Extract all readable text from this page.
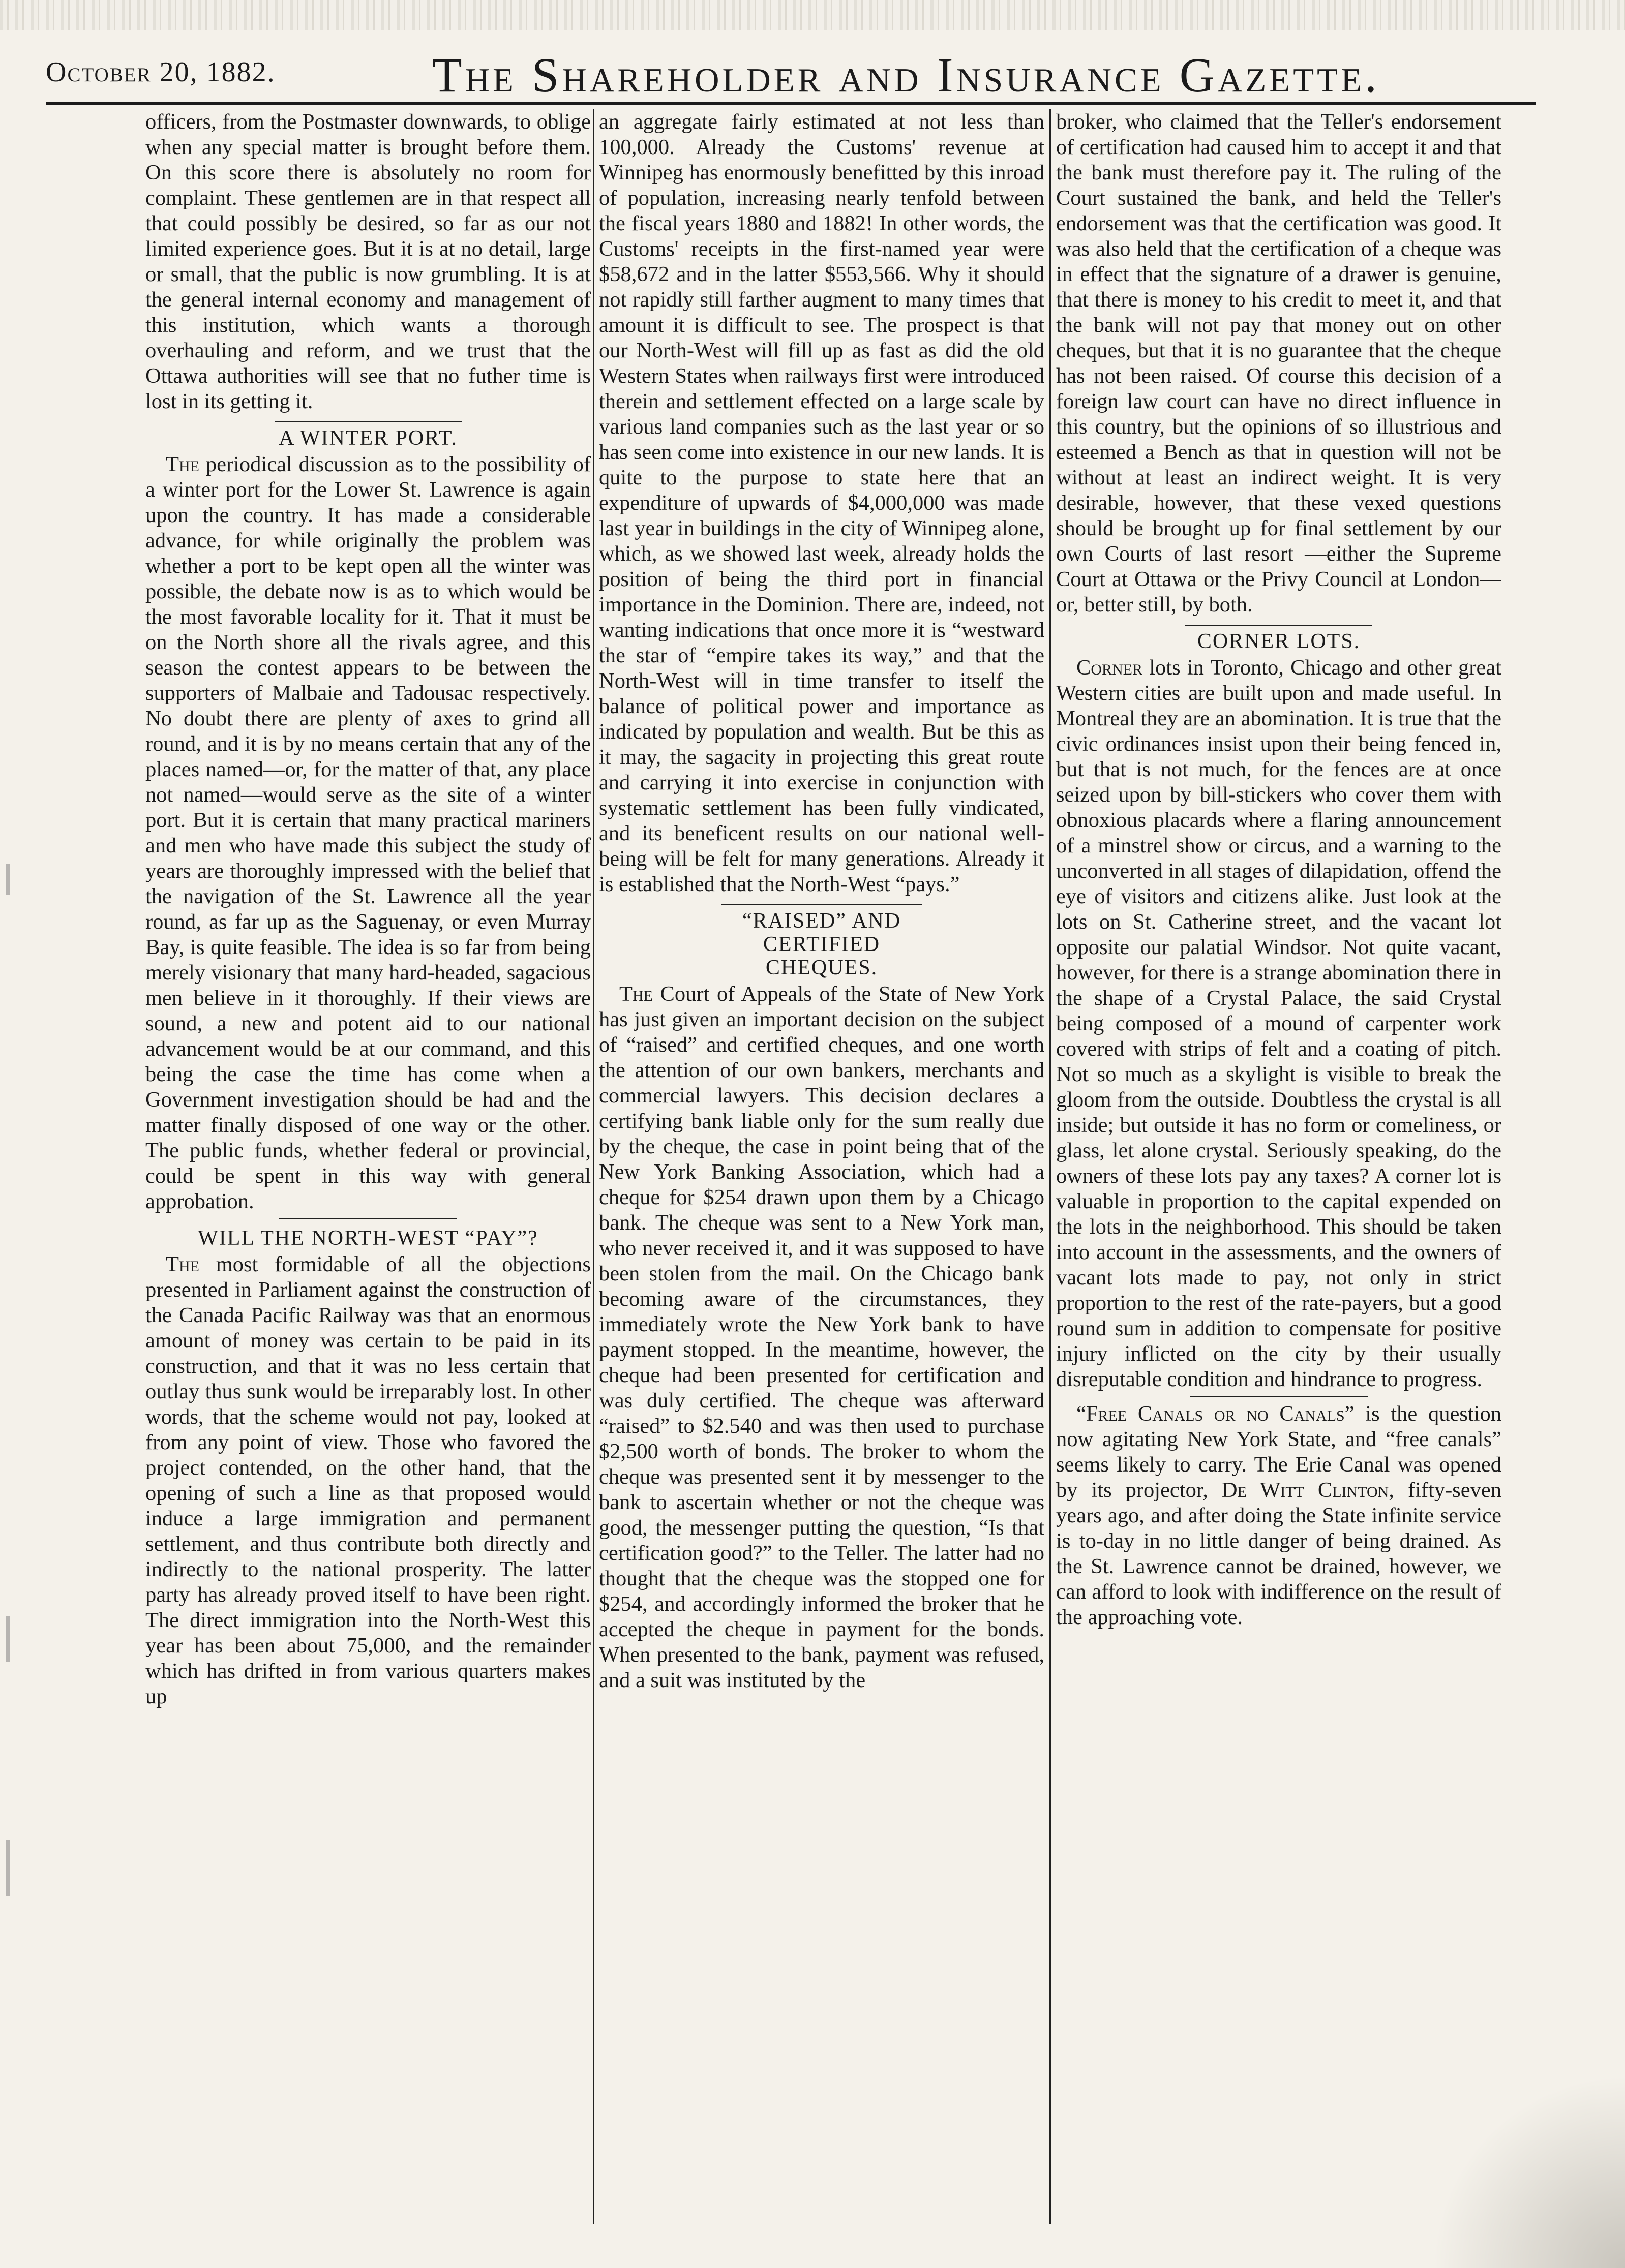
October 20, 1882.	The Shareholder and Insurance Gazette.

officers, from the Postmaster downwards, to oblige when any special matter is brought before them. On this score there is absolutely no room for complaint. These gentlemen are in that respect all that could possibly be desired, so far as our not limited experience goes. But it is at no detail, large or small, that the public is now grumbling. It is at the general internal economy and management of this institution, which wants a thorough overhauling and reform, and we trust that the Ottawa authorities will see that no futher time is lost in its getting it.

A WINTER PORT.

The periodical discussion as to the possibility of a winter port for the Lower St. Lawrence is again upon the country. It has made a considerable advance, for while originally the problem was whether a port to be kept open all the winter was possible, the debate now is as to which would be the most favorable locality for it. That it must be on the North shore all the rivals agree, and this season the contest appears to be between the supporters of Malbaie and Tadousac respectively. No doubt there are plenty of axes to grind all round, and it is by no means certain that any of the places named—or, for the matter of that, any place not named—would serve as the site of a winter port. But it is certain that many practical mariners and men who have made this subject the study of years are thoroughly impressed with the belief that the navigation of the St. Lawrence all the year round, as far up as the Saguenay, or even Murray Bay, is quite feasible. The idea is so far from being merely visionary that many hard-headed, sagacious men believe in it thoroughly. If their views are sound, a new and potent aid to our national advancement would be at our command, and this being the case the time has come when a Government investigation should be had and the matter finally disposed of one way or the other. The public funds, whether federal or provincial, could be spent in this way with general approbation.

WILL THE NORTH-WEST “PAY”?

The most formidable of all the objections presented in Parliament against the construction of the Canada Pacific Railway was that an enormous amount of money was certain to be paid in its construction, and that it was no less certain that outlay thus sunk would be irreparably lost. In other words, that the scheme would not pay, looked at from any point of view. Those who favored the project contended, on the other hand, that the opening of such a line as that proposed would induce a large immigration and permanent settlement, and thus contribute both directly and indirectly to the national prosperity. The latter party has already proved itself to have been right. The direct immigration into the North-West this year has been about 75,000, and the remainder which has drifted in from various quarters makes up

an aggregate fairly estimated at not less than 100,000. Already the Customs' revenue at Winnipeg has enormously benefitted by this inroad of population, increasing nearly tenfold between the fiscal years 1880 and 1882! In other words, the Customs' receipts in the first-named year were $58,672 and in the latter $553,566. Why it should not rapidly still farther augment to many times that amount it is difficult to see. The prospect is that our North-West will fill up as fast as did the old Western States when railways first were introduced therein and settlement effected on a large scale by various land companies such as the last year or so has seen come into existence in our new lands. It is quite to the purpose to state here that an expenditure of upwards of $4,000,000 was made last year in buildings in the city of Winnipeg alone, which, as we showed last week, already holds the position of being the third port in financial importance in the Dominion. There are, indeed, not wanting indications that once more it is “westward the star of “empire takes its way,” and that the North-West will in time transfer to itself the balance of political power and importance as indicated by population and wealth. But be this as it may, the sagacity in projecting this great route and carrying it into exercise in conjunction with systematic settlement has been fully vindicated, and its beneficent results on our national well-being will be felt for many generations. Already it is established that the North-West “pays.”

“RAISED” AND CERTIFIED CHEQUES.

The Court of Appeals of the State of New York has just given an important decision on the subject of “raised” and certified cheques, and one worth the attention of our own bankers, merchants and commercial lawyers. This decision declares a certifying bank liable only for the sum really due by the cheque, the case in point being that of the New York Banking Association, which had a cheque for $254 drawn upon them by a Chicago bank. The cheque was sent to a New York man, who never received it, and it was supposed to have been stolen from the mail. On the Chicago bank becoming aware of the circumstances, they immediately wrote the New York bank to have payment stopped. In the meantime, however, the cheque had been presented for certification and was duly certified. The cheque was afterward “raised” to $2.540 and was then used to purchase $2,500 worth of bonds. The broker to whom the cheque was presented sent it by messenger to the bank to ascertain whether or not the cheque was good, the messenger putting the question, “Is that certification good?” to the Teller. The latter had no thought that the cheque was the stopped one for $254, and accordingly informed the broker that he accepted the cheque in payment for the bonds. When presented to the bank, payment was refused, and a suit was instituted by the

broker, who claimed that the Teller's endorsement of certification had caused him to accept it and that the bank must therefore pay it. The ruling of the Court sustained the bank, and held the Teller's endorsement was that the certification was good. It was also held that the certification of a cheque was in effect that the signature of a drawer is genuine, that there is money to his credit to meet it, and that the bank will not pay that money out on other cheques, but that it is no guarantee that the cheque has not been raised. Of course this decision of a foreign law court can have no direct influence in this country, but the opinions of so illustrious and esteemed a Bench as that in question will not be without at least an indirect weight. It is very desirable, however, that these vexed questions should be brought up for final settlement by our own Courts of last resort —either the Supreme Court at Ottawa or the Privy Council at London—or, better still, by both.

CORNER LOTS.

Corner lots in Toronto, Chicago and other great Western cities are built upon and made useful. In Montreal they are an abomination. It is true that the civic ordinances insist upon their being fenced in, but that is not much, for the fences are at once seized upon by bill-stickers who cover them with obnoxious placards where a flaring announcement of a minstrel show or circus, and a warning to the unconverted in all stages of dilapidation, offend the eye of visitors and citizens alike. Just look at the lots on St. Catherine street, and the vacant lot opposite our palatial Windsor. Not quite vacant, however, for there is a strange abomination there in the shape of a Crystal Palace, the said Crystal being composed of a mound of carpenter work covered with strips of felt and a coating of pitch. Not so much as a skylight is visible to break the gloom from the outside. Doubtless the crystal is all inside; but outside it has no form or comeliness, or glass, let alone crystal. Seriously speaking, do the owners of these lots pay any taxes? A corner lot is valuable in proportion to the capital expended on the lots in the neighborhood. This should be taken into account in the assessments, and the owners of vacant lots made to pay, not only in strict proportion to the rest of the rate-payers, but a good round sum in addition to compensate for positive injury inflicted on the city by their usually disreputable condition and hindrance to progress.

“Free Canals or no Canals” is the question now agitating New York State, and “free canals” seems likely to carry. The Erie Canal was opened by its projector, De Witt Clinton, fifty-seven years ago, and after doing the State infinite service is to-day in no little danger of being drained. As the St. Lawrence cannot be drained, however, we can afford to look with indifference on the result of the approaching vote.
